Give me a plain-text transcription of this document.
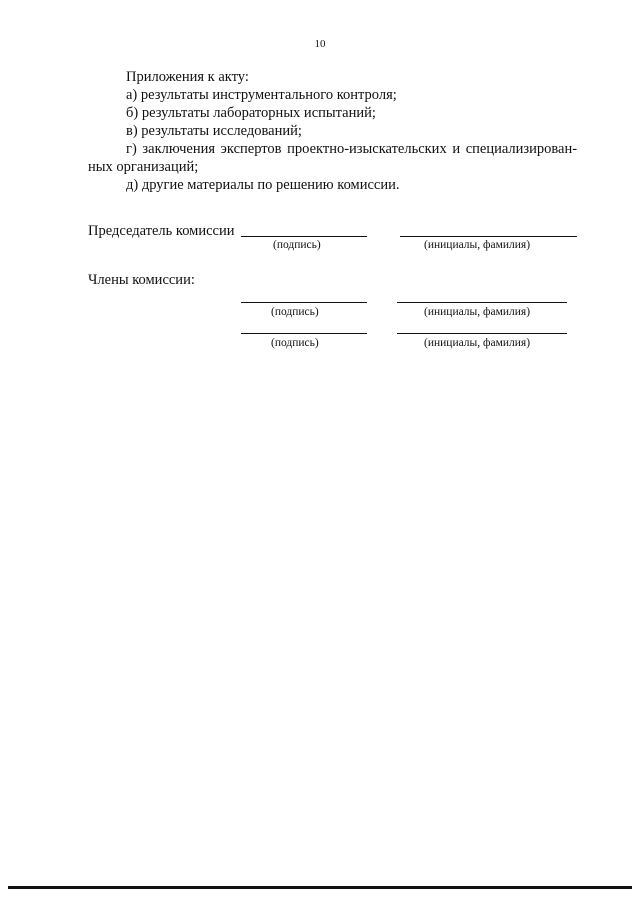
10
Приложения к акту:
а) результаты инструментального контроля;
б) результаты лабораторных испытаний;
в) результаты исследований;
г) заключения экспертов проектно-изыскательских и специализирован-
ных организаций;
д) другие материалы по решению комиссии.
Председатель комиссии
(подпись)	(инициалы, фамилия)
Члены комиссии:
(подпись)	(инициалы, фамилия)
(подпись)	(инициалы, фамилия)
